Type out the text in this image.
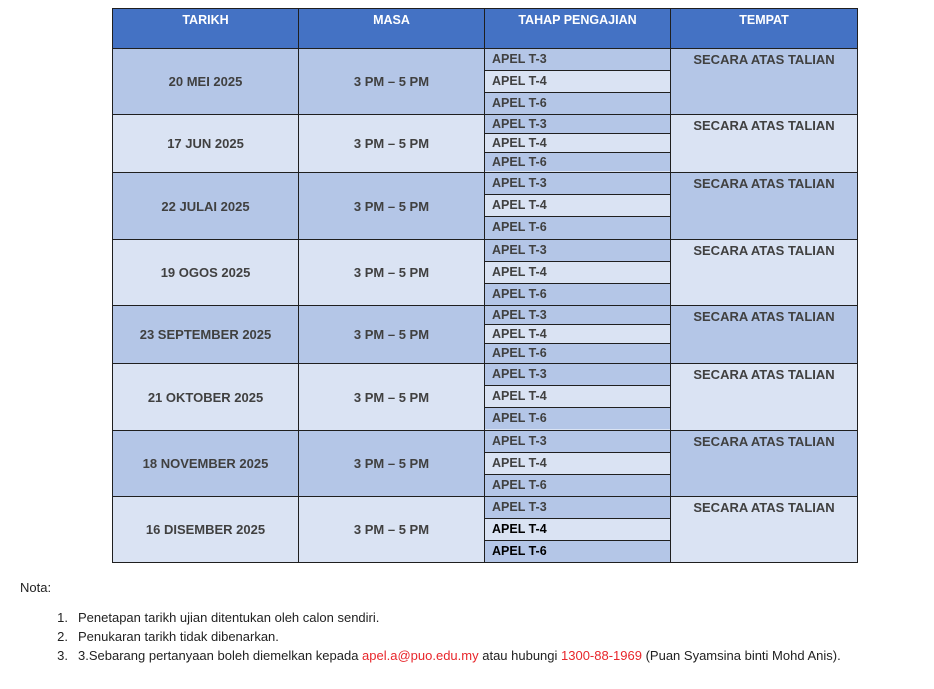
TARIKH	MASA	TAHAP PENGAJIAN	TEMPAT
20 MEI 2025	3 PM – 5 PM	APEL T-3
APEL T-4
APEL T-6	SECARA ATAS TALIAN
17 JUN 2025	3 PM – 5 PM	APEL T-3
APEL T-4
APEL T-6	SECARA ATAS TALIAN
22 JULAI 2025	3 PM – 5 PM	APEL T-3
APEL T-4
APEL T-6	SECARA ATAS TALIAN
19 OGOS 2025	3 PM – 5 PM	APEL T-3
APEL T-4
APEL T-6	SECARA ATAS TALIAN
23 SEPTEMBER 2025	3 PM – 5 PM	APEL T-3
APEL T-4
APEL T-6	SECARA ATAS TALIAN
21 OKTOBER 2025	3 PM – 5 PM	APEL T-3
APEL T-4
APEL T-6	SECARA ATAS TALIAN
18 NOVEMBER 2025	3 PM – 5 PM	APEL T-3
APEL T-4
APEL T-6	SECARA ATAS TALIAN
16 DISEMBER 2025	3 PM – 5 PM	APEL T-3
APEL T-4
APEL T-6	SECARA ATAS TALIAN
Nota:
1. Penetapan tarikh ujian ditentukan oleh calon sendiri.
2. Penukaran tarikh tidak dibenarkan.
3. 3.Sebarang pertanyaan boleh diemelkan kepada apel.a@puo.edu.my atau hubungi 1300-88-1969 (Puan Syamsina binti Mohd Anis).
